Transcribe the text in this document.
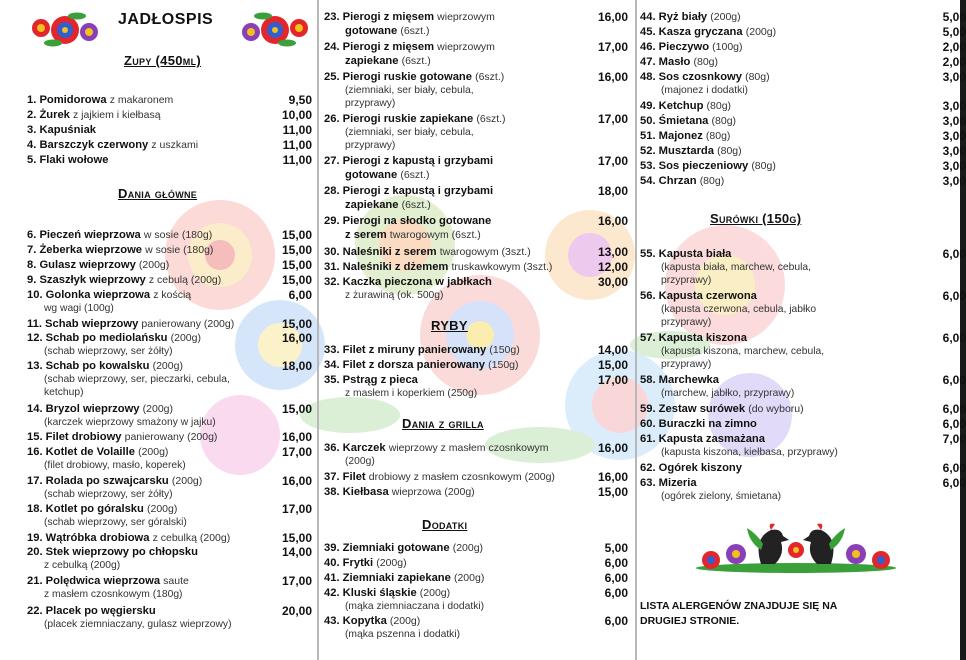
JADŁOSPIS
Zupy (450ml)
1. Pomidorowa z makaronem	9,50
2. Żurek z jajkiem i kiełbasą	10,00
3. Kapuśniak	11,00
4. Barszczyk czerwony z uszkami	11,00
5. Flaki wołowe	11,00
Dania główne
6. Pieczeń wieprzowa w sosie (180g)	15,00
7. Żeberka wieprzowe w sosie (180g)	15,00
8. Gulasz wieprzowy (200g)	15,00
9. Szaszłyk wieprzowy z cebulą (200g)	15,00
10. Golonka wieprzowa z kością	6,00
wg wagi (100g)
11. Schab wieprzowy panierowany (200g)	15,00
12. Schab po mediolańsku (200g)	16,00
(schab wieprzowy, ser żółty)
13. Schab po kowalsku (200g)	18,00
(schab wieprzowy, ser, pieczarki, cebula,
ketchup)
14. Bryzol wieprzowy (200g)	15,00
(karczek wieprzowy smażony w jajku)
15. Filet drobiowy panierowany (200g)	16,00
16. Kotlet de Volaille (200g)	17,00
(filet drobiowy, masło, koperek)
17. Rolada po szwajcarsku (200g)	16,00
(schab wieprzowy, ser żółty)
18. Kotlet po góralsku (200g)	17,00
(schab wieprzowy, ser góralski)
19. Wątróbka drobiowa z cebulką (200g)	15,00
20. Stek wieprzowy po chłopsku	14,00
z cebulką (200g)
21. Polędwica wieprzowa saute	17,00
z masłem czosnkowym (180g)
22. Placek po węgiersku	20,00
(placek ziemniaczany, gulasz wieprzowy)
23. Pierogi z mięsem wieprzowym	16,00
gotowane (6szt.)
24. Pierogi z mięsem wieprzowym	17,00
zapiekane (6szt.)
25. Pierogi ruskie gotowane (6szt.)	16,00
(ziemniaki, ser biały, cebula,
przyprawy)
26. Pierogi ruskie zapiekane (6szt.)	17,00
(ziemniaki, ser biały, cebula,
przyprawy)
27. Pierogi z kapustą i grzybami	17,00
gotowane (6szt.)
28. Pierogi z kapustą i grzybami	18,00
zapiekane (6szt.)
29. Pierogi na słodko gotowane	16,00
z serem twarogowym (6szt.)
30. Naleśniki z serem twarogowym (3szt.)	13,00
31. Naleśniki z dżemem truskawkowym (3szt.)	12,00
32. Kaczka pieczona w jabłkach	30,00
z żurawiną (ok. 500g)
RYBY
33. Filet z miruny panierowany (150g)	14,00
34. Filet z dorsza panierowany (150g)	15,00
35. Pstrąg z pieca	17,00
z masłem i koperkiem (250g)
Dania z grilla
36. Karczek wieprzowy z masłem czosnkowym	16,00
(200g)
37. Filet drobiowy z masłem czosnkowym (200g)	16,00
38. Kiełbasa wieprzowa (200g)	15,00
Dodatki
39. Ziemniaki gotowane (200g)	5,00
40. Frytki (200g)	6,00
41. Ziemniaki zapiekane (200g)	6,00
42. Kluski śląskie (200g)	6,00
(mąka ziemniaczana i dodatki)
43. Kopytka (200g)	6,00
(mąka pszenna i dodatki)
44. Ryż biały (200g)	5,00
45. Kasza gryczana (200g)	5,00
46. Pieczywo (100g)	2,00
47. Masło (80g)	2,00
48. Sos czosnkowy (80g)	3,00
(majonez i dodatki)
49. Ketchup (80g)	3,00
50. Śmietana (80g)	3,00
51. Majonez (80g)	3,00
52. Musztarda (80g)	3,00
53. Sos pieczeniowy (80g)	3,00
54. Chrzan (80g)	3,00
Surówki (150g)
55. Kapusta biała	6,00
(kapusta biała, marchew, cebula,
przyprawy)
56. Kapusta czerwona	6,00
(kapusta czerwona, cebula, jabłko
przyprawy)
57. Kapusta kiszona	6,00
(kapusta kiszona, marchew, cebula,
przyprawy)
58. Marchewka	6,00
(marchew, jabłko, przyprawy)
59. Zestaw surówek (do wyboru)	6,00
60. Buraczki na zimno	6,00
61. Kapusta zasmażana	7,00
(kapusta kiszona, kiełbasa, przyprawy)
62. Ogórek kiszony	6,00
63. Mizeria	6,00
(ogórek zielony, śmietana)
LISTA ALERGENÓW ZNAJDUJE SIĘ NA
DRUGIEJ STRONIE.
